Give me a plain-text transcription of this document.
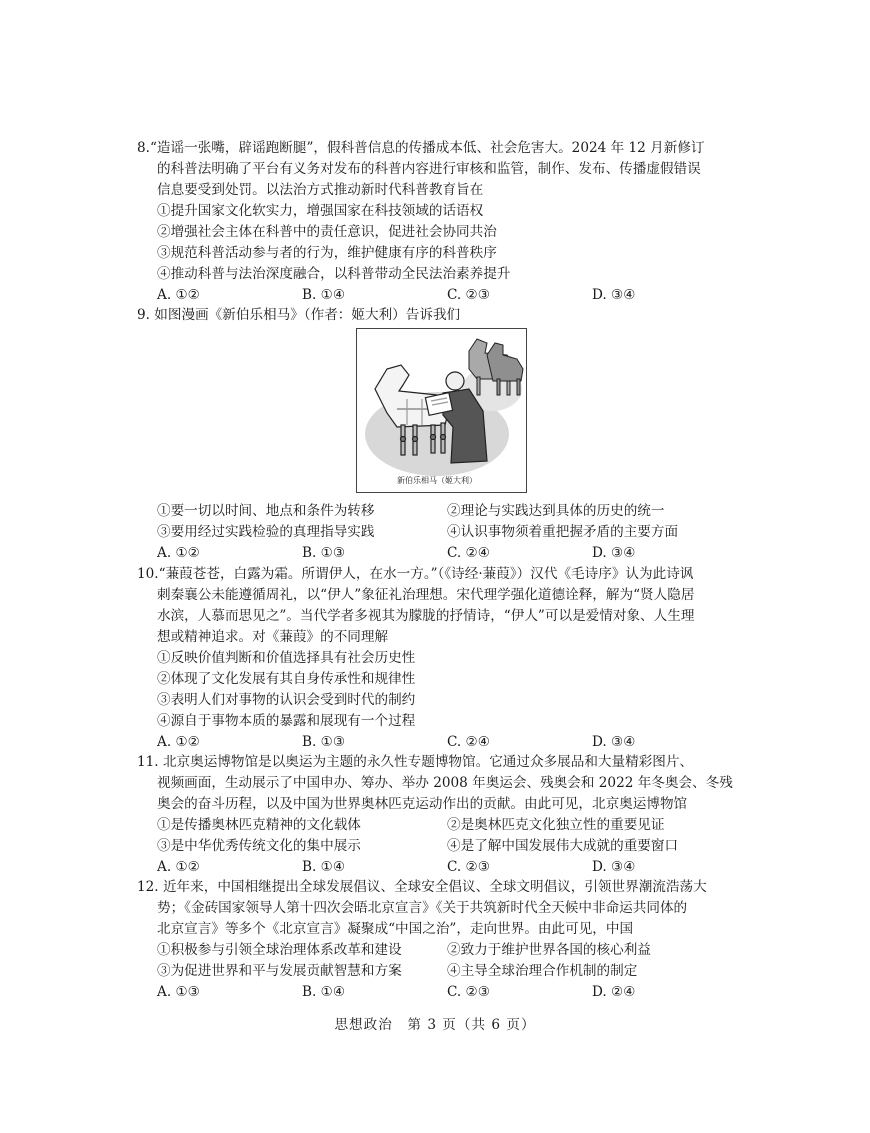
8.“造谣一张嘴，辟谣跑断腿”，假科普信息的传播成本低、社会危害大。2024 年 12 月新修订
的科普法明确了平台有义务对发布的科普内容进行审核和监管，制作、发布、传播虚假错误
信息要受到处罚。以法治方式推动新时代科普教育旨在

①提升国家文化软实力，增强国家在科技领域的话语权
②增强社会主体在科普中的责任意识，促进社会协同共治
③规范科普活动参与者的行为，维护健康有序的科普秩序
④推动科普与法治深度融合，以科普带动全民法治素养提升
A. ①②	B. ①④	C. ②③	D. ③④

9. 如图漫画《新伯乐相马》（作者：姬大利）告诉我们

新伯乐相马（姬大利）
①要一切以时间、地点和条件为转移	②理论与实践达到具体的历史的统一
③要用经过实践检验的真理指导实践	④认识事物须着重把握矛盾的主要方面
A. ①②	B. ①③	C. ②④	D. ③④

10.“蒹葭苍苍，白露为霜。所谓伊人，在水一方。”（《诗经·蒹葭》）汉代《毛诗序》认为此诗讽
刺秦襄公未能遵循周礼，以“伊人”象征礼治理想。宋代理学强化道德诠释，解为“贤人隐居
水滨，人慕而思见之”。当代学者多视其为朦胧的抒情诗，“伊人”可以是爱情对象、人生理
想或精神追求。对《蒹葭》的不同理解

①反映价值判断和价值选择具有社会历史性
②体现了文化发展有其自身传承性和规律性
③表明人们对事物的认识会受到时代的制约
④源自于事物本质的暴露和展现有一个过程
A. ①②	B. ①③	C. ②④	D. ③④

11. 北京奥运博物馆是以奥运为主题的永久性专题博物馆。它通过众多展品和大量精彩图片、
视频画面，生动展示了中国申办、筹办、举办 2008 年奥运会、残奥会和 2022 年冬奥会、冬残
奥会的奋斗历程，以及中国为世界奥林匹克运动作出的贡献。由此可见，北京奥运博物馆

①是传播奥林匹克精神的文化载体	②是奥林匹克文化独立性的重要见证
③是中华优秀传统文化的集中展示	④是了解中国发展伟大成就的重要窗口
A. ①②	B. ①④	C. ②③	D. ③④

12. 近年来，中国相继提出全球发展倡议、全球安全倡议、全球文明倡议，引领世界潮流浩荡大
势；《金砖国家领导人第十四次会晤北京宣言》《关于共筑新时代全天候中非命运共同体的
北京宣言》等多个《北京宣言》凝聚成“中国之治”，走向世界。由此可见，中国

①积极参与引领全球治理体系改革和建设	②致力于维护世界各国的核心利益
③为促进世界和平与发展贡献智慧和方案	④主导全球治理合作机制的制定
A. ①③	B. ①④	C. ②③	D. ②④
思想政治　第 3 页（共 6 页）
